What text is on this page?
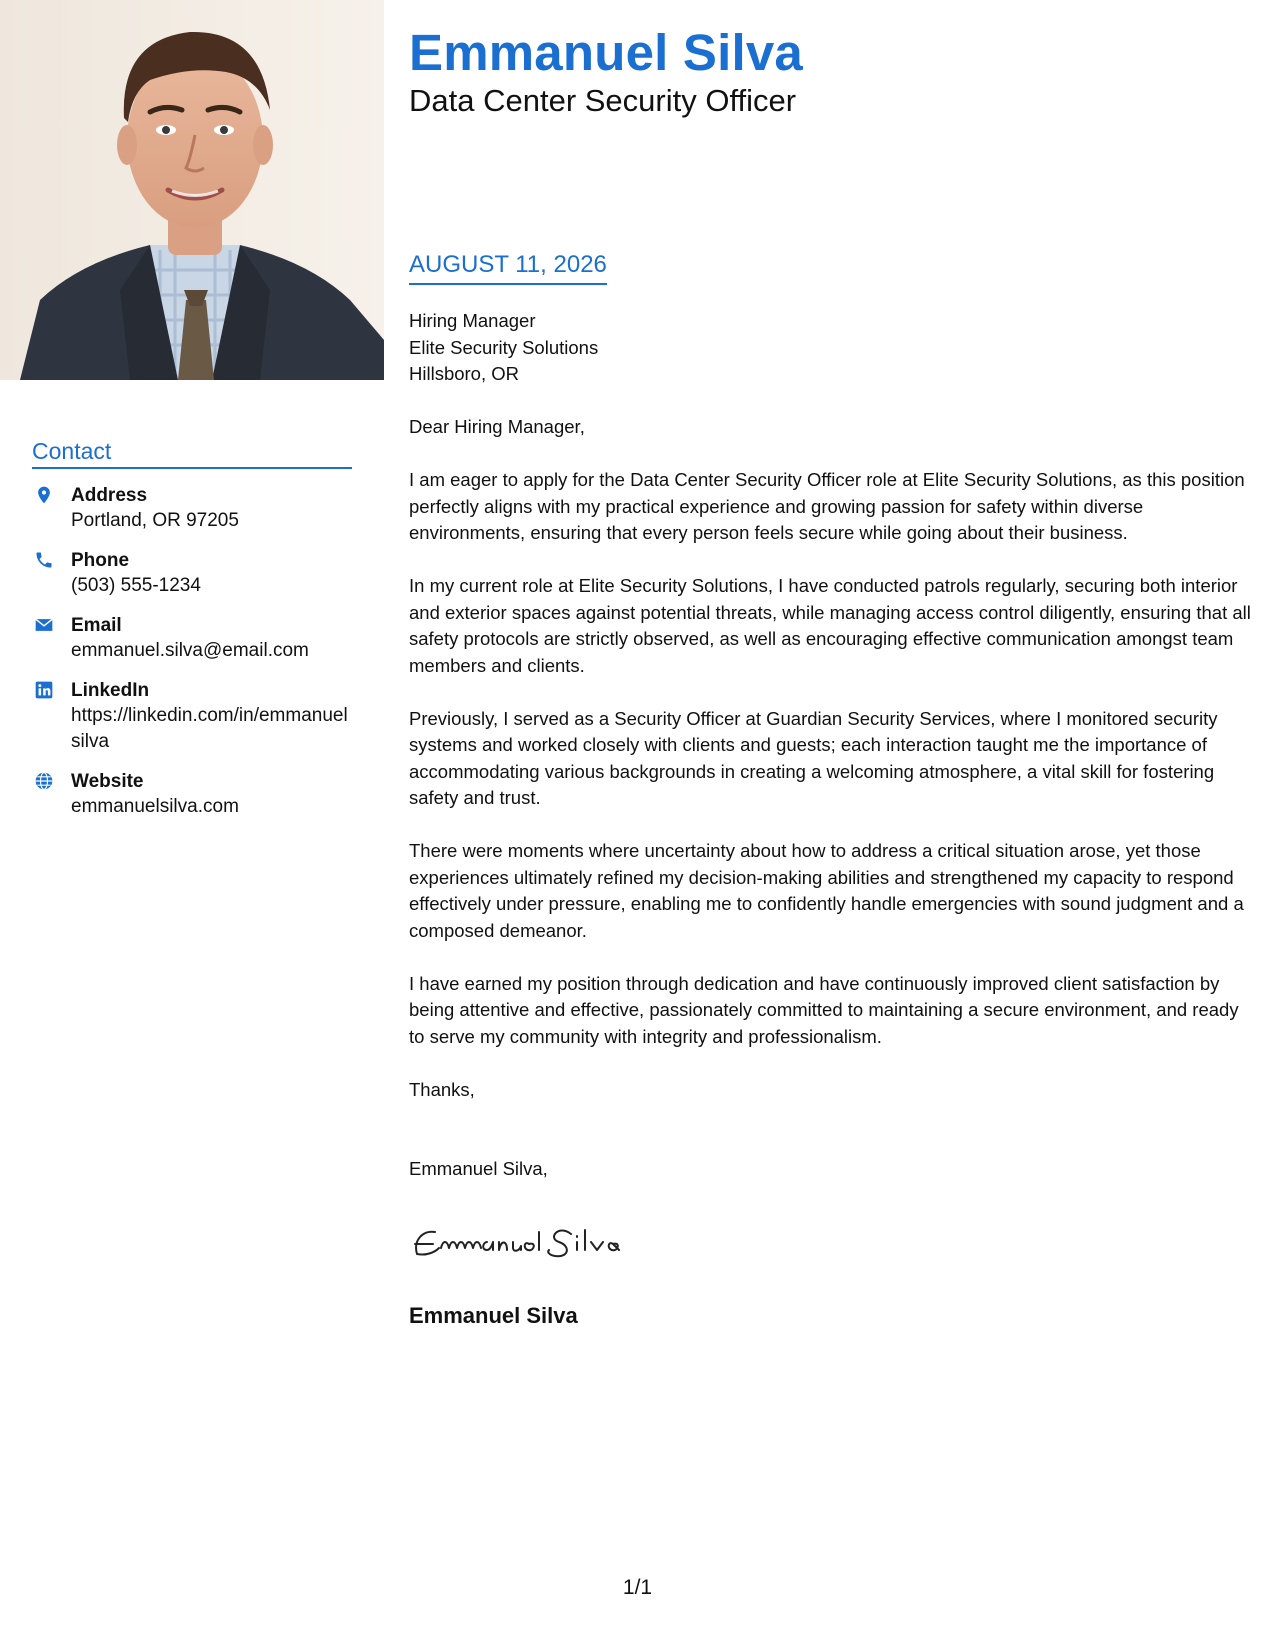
Emmanuel Silva
Data Center Security Officer
AUGUST 11, 2026
Contact
Address
Portland, OR 97205
Phone
(503) 555-1234
Email
emmanuel.silva@email.com
LinkedIn
https://linkedin.com/in/emmanuelsilva
Website
emmanuelsilva.com
Hiring Manager
Elite Security Solutions
Hillsboro, OR

Dear Hiring Manager,

I am eager to apply for the Data Center Security Officer role at Elite Security Solutions, as this position perfectly aligns with my practical experience and growing passion for safety within diverse environments, ensuring that every person feels secure while going about their business.

In my current role at Elite Security Solutions, I have conducted patrols regularly, securing both interior and exterior spaces against potential threats, while managing access control diligently, ensuring that all safety protocols are strictly observed, as well as encouraging effective communication amongst team members and clients.

Previously, I served as a Security Officer at Guardian Security Services, where I monitored security systems and worked closely with clients and guests; each interaction taught me the importance of accommodating various backgrounds in creating a welcoming atmosphere, a vital skill for fostering safety and trust.

There were moments where uncertainty about how to address a critical situation arose, yet those experiences ultimately refined my decision-making abilities and strengthened my capacity to respond effectively under pressure, enabling me to confidently handle emergencies with sound judgment and a composed demeanor.

I have earned my position through dedication and have continuously improved client satisfaction by being attentive and effective, passionately committed to maintaining a secure environment, and ready to serve my community with integrity and professionalism.

Thanks,

Emmanuel Silva,

Emmanuel Silva
1/1
